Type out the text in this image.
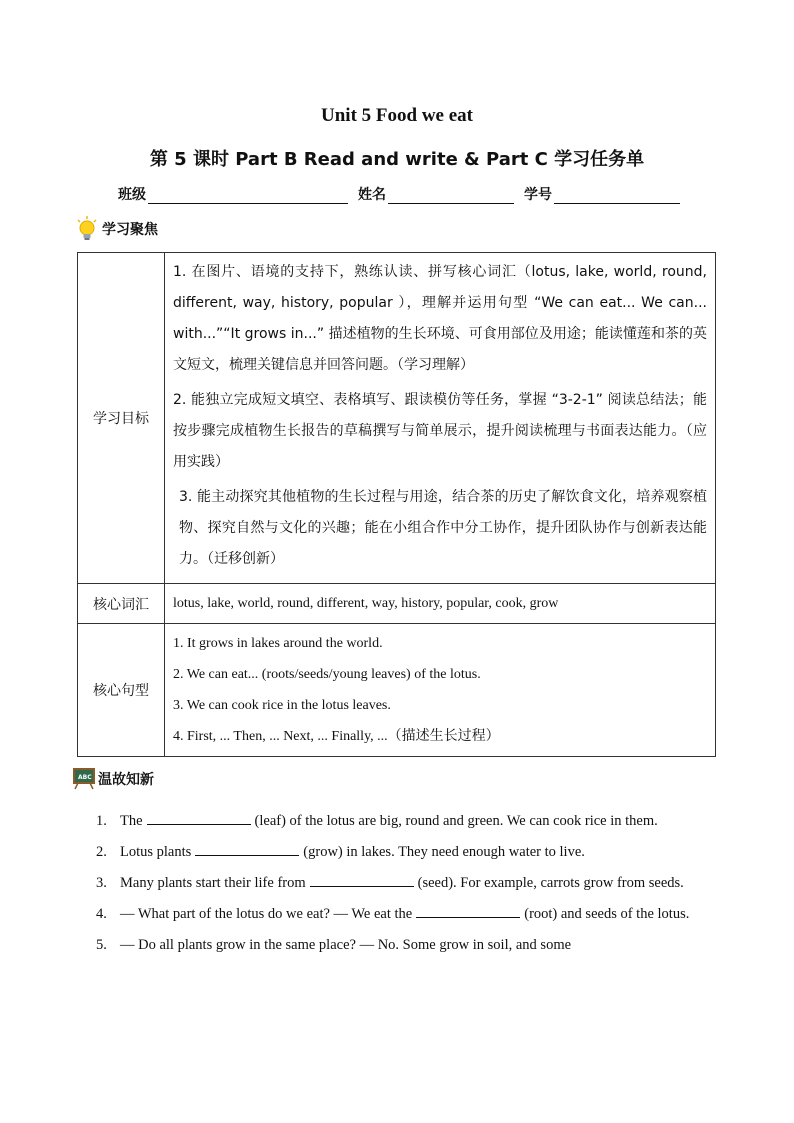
Unit 5 Food we eat
第 5 课时 Part B Read and write & Part C 学习任务单
班级	姓名	学号
学习聚焦
学习目标	1. 在图片、语境的支持下，熟练认读、拼写核心词汇（lotus, lake, world, round, different, way, history, popular ），理解并运用句型 “We can eat... We can... with...”“It grows in...” 描述植物的生长环境、可食用部位及用途；能读懂莲和茶的英文短文，梳理关键信息并回答问题。（学习理解）

2. 能独立完成短文填空、表格填写、跟读模仿等任务，掌握 “3-2-1” 阅读总结法；能按步骤完成植物生长报告的草稿撰写与简单展示，提升阅读梳理与书面表达能力。（应用实践）

3. 能主动探究其他植物的生长过程与用途，结合茶的历史了解饮食文化，培养观察植物、探究自然与文化的兴趣；能在小组合作中分工协作，提升团队协作与创新表达能力。（迁移创新）

核心词汇	lotus, lake, world, round, different, way, history, popular, cook, grow
核心句型	1. It grows in lakes around the world.

2. We can eat... (roots/seeds/young leaves) of the lotus.

3. We can cook rice in the lotus leaves.

4. First, ... Then, ... Next, ... Finally, ...（描述生长过程）

ABC 温故知新
1. The	(leaf) of the lotus are big, round and green. We can cook rice in them.
2. Lotus plants	(grow) in lakes. They need enough water to live.
3. Many plants start their life from	(seed). For example, carrots grow from seeds.
4. — What part of the lotus do we eat? — We eat the	(root) and seeds of the lotus.
5. — Do all plants grow in the same place? — No. Some grow in soil, and some
